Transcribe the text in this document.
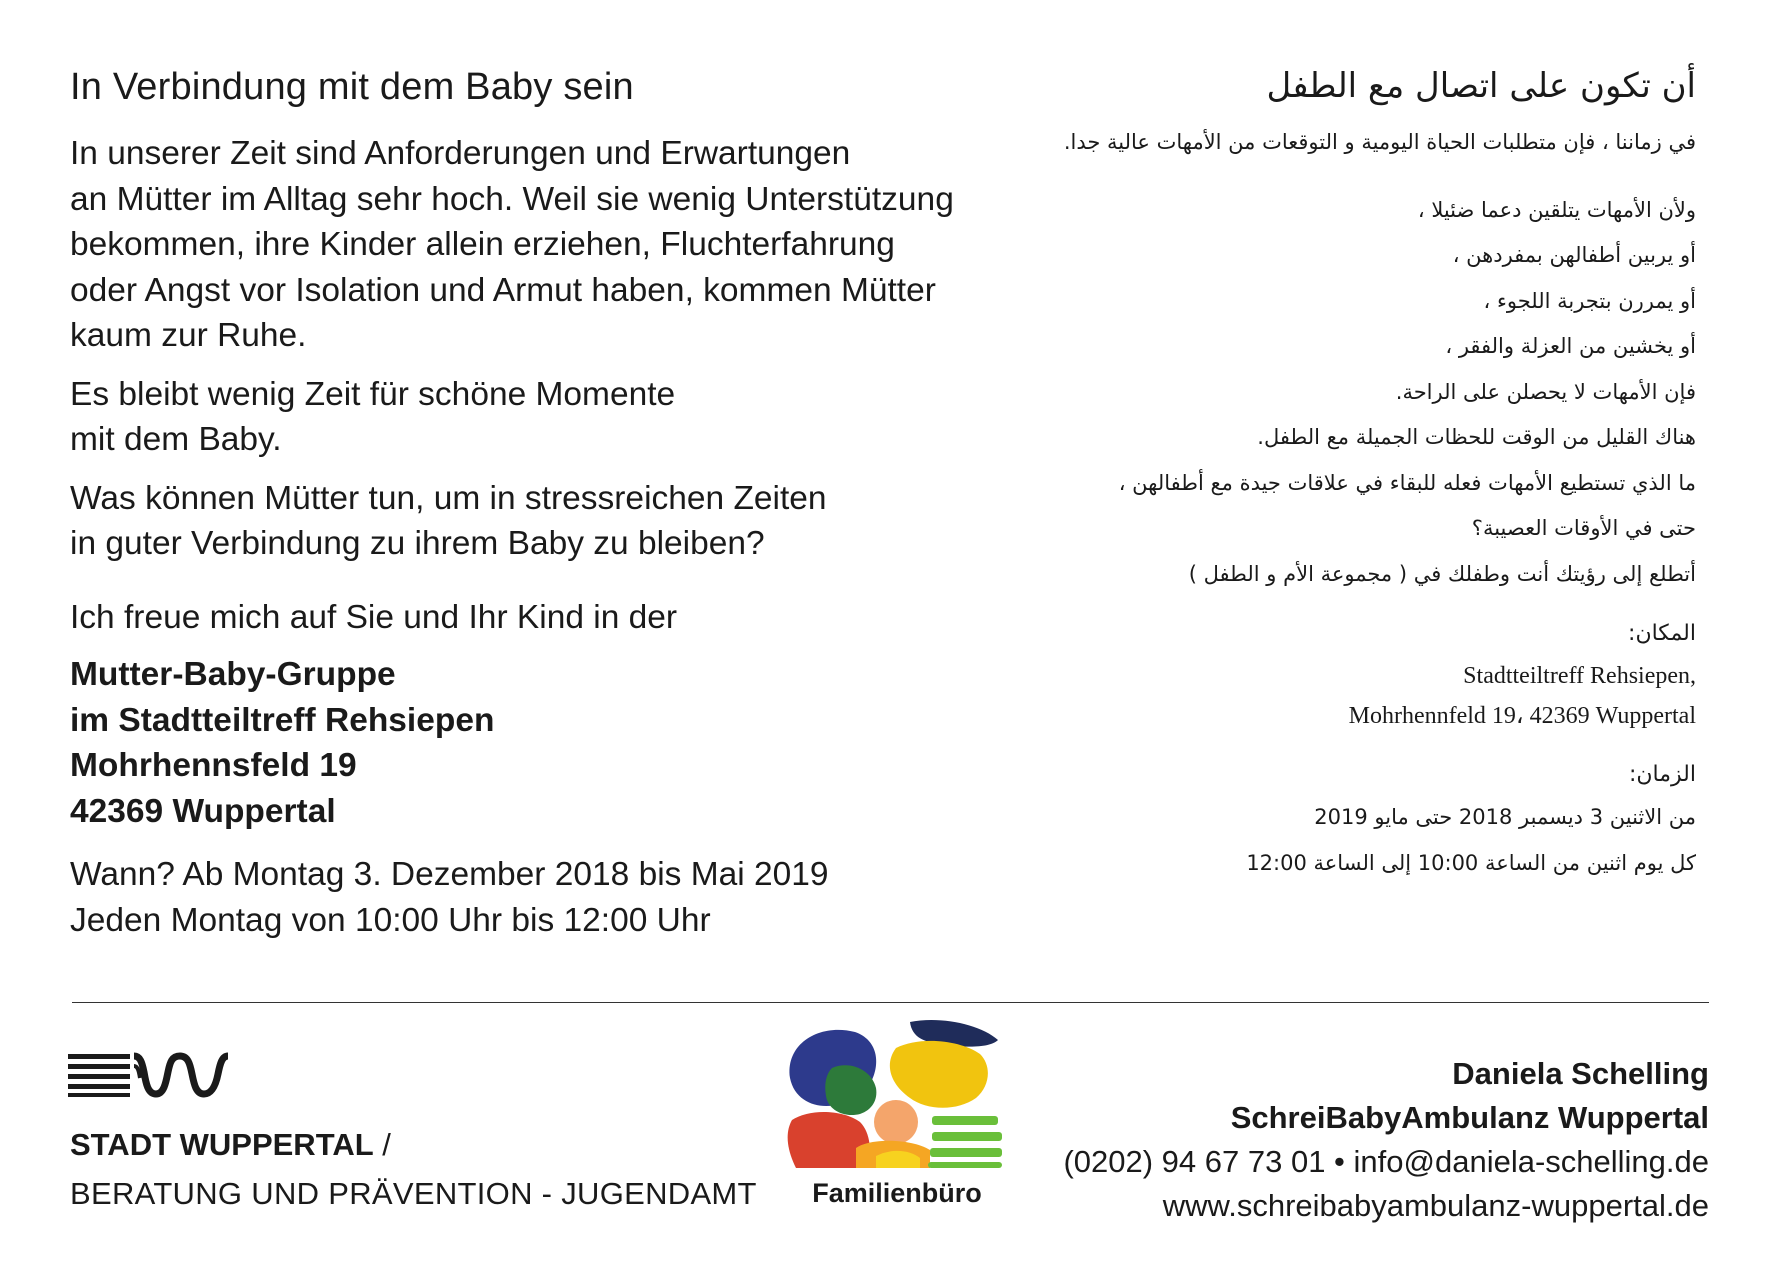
In Verbindung mit dem Baby sein

In unserer Zeit sind Anforderungen und Erwartungen
an Mütter im Alltag sehr hoch. Weil sie wenig Unterstützung
bekommen, ihre Kinder allein erziehen, Fluchterfahrung
oder Angst vor Isolation und Armut haben, kommen Mütter
kaum zur Ruhe.

Es bleibt wenig Zeit für schöne Momente
mit dem Baby.

Was können Mütter tun, um in stressreichen Zeiten
in guter Verbindung zu ihrem Baby zu bleiben?

Ich freue mich auf Sie und Ihr Kind in der

Mutter-Baby-Gruppe
im Stadtteiltreff Rehsiepen
Mohrhennsfeld 19
42369 Wuppertal

Wann? Ab Montag 3. Dezember 2018 bis Mai 2019
Jeden Montag von 10:00 Uhr bis 12:00 Uhr

أن تكون على اتصال مع الطفل
في زماننا ، فإن متطلبات الحياة اليومية و التوقعات من الأمهات عالية جدا.
ولأن الأمهات يتلقين دعما ضئيلا ،
أو يربين أطفالهن بمفردهن ،
أو يمررن بتجربة اللجوء ،
أو يخشين من العزلة والفقر ،
فإن الأمهات لا يحصلن على الراحة.
هناك القليل من الوقت للحظات الجميلة مع الطفل.
ما الذي تستطيع الأمهات فعله للبقاء في علاقات جيدة مع أطفالهن ،
حتى في الأوقات العصيبة؟
أتطلع إلى رؤيتك أنت وطفلك في ( مجموعة الأم و الطفل )
المكان:
Stadtteiltreff Rehsiepen,
Mohrhennfeld 19، 42369 Wuppertal
الزمان:
من الاثنين 3 ديسمبر 2018 حتى مايو 2019
كل يوم اثنين من الساعة 10:00 إلى الساعة 12:00
STADT WUPPERTAL /
BERATUNG UND PRÄVENTION - JUGENDAMT	Familienbüro
Daniela Schelling
SchreiBabyAmbulanz Wuppertal
(0202) 94 67 73 01 • info@daniela-schelling.de
www.schreibabyambulanz-wuppertal.de
